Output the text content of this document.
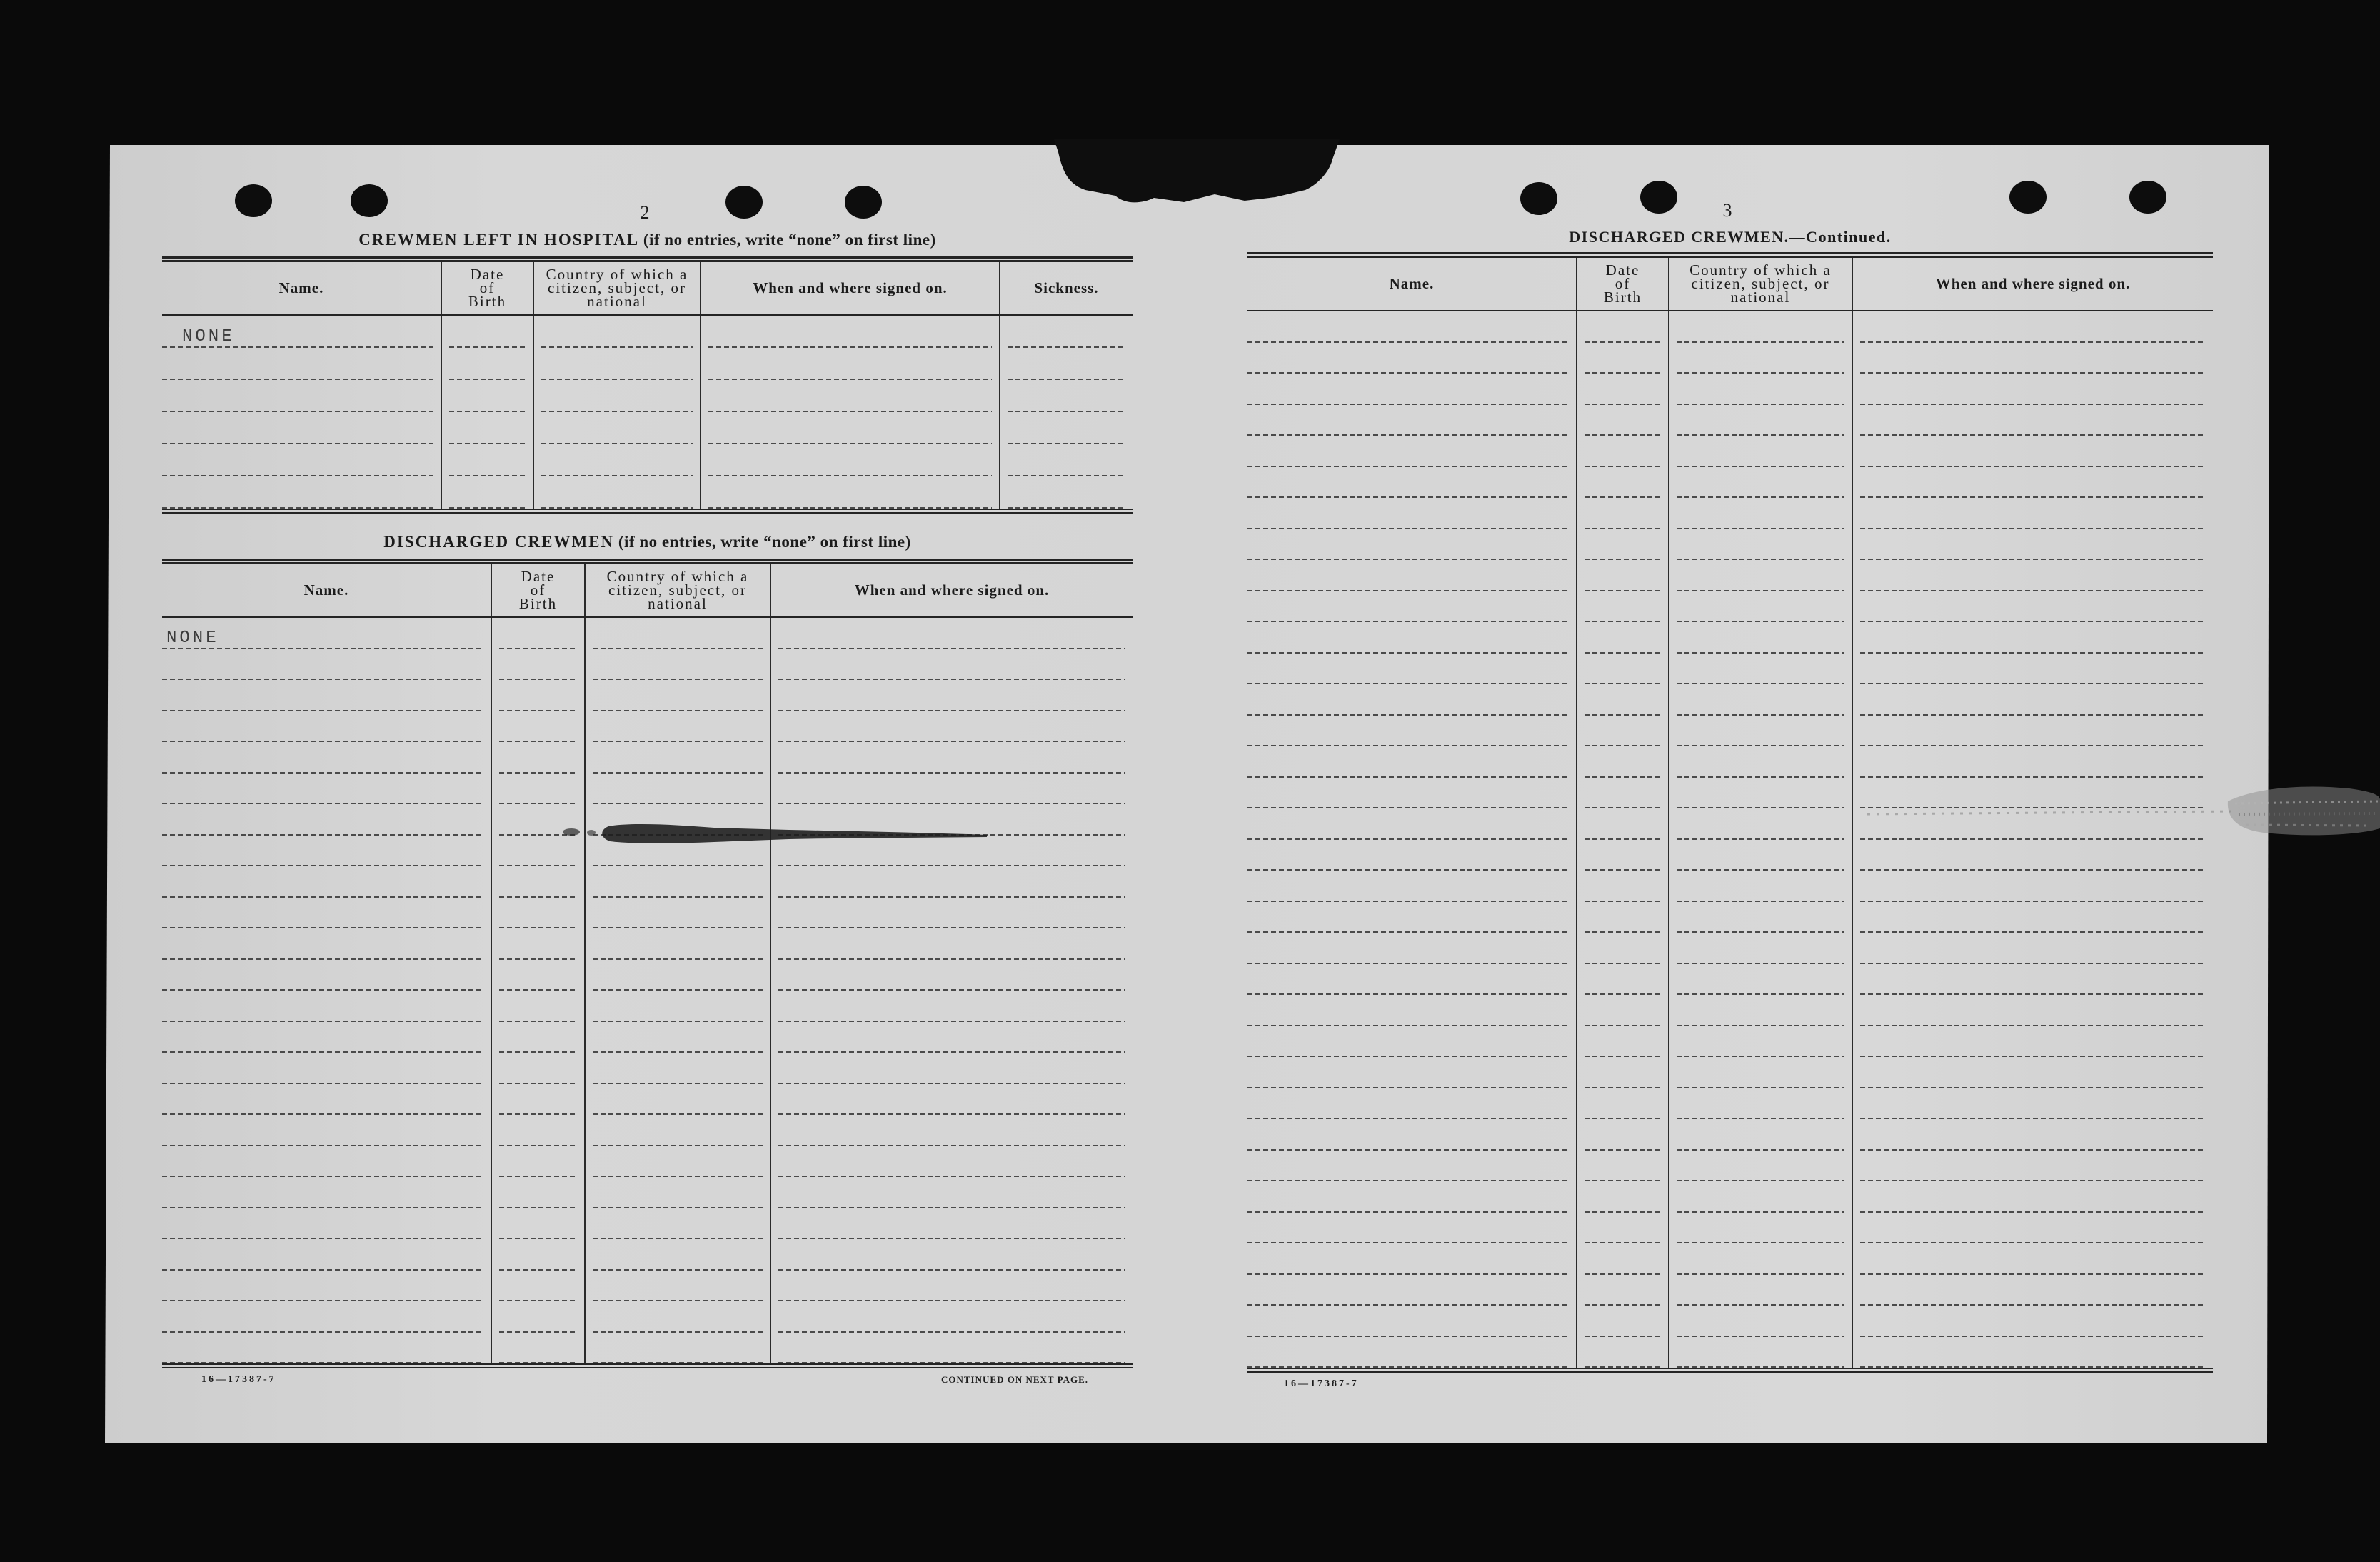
2
CREWMEN LEFT IN HOSPITAL (if no entries, write “none” on first line)
Name.
Date
of
Birth
Country of which a
citizen, subject, or
national
When and where signed on.	Sickness.
NONE
DISCHARGED CREWMEN (if no entries, write “none” on first line)
Name.
Date
of
Birth
Country of which a
citizen, subject, or
national
When and where signed on.
NONE
16—17387-7	CONTINUED ON NEXT PAGE.
3
DISCHARGED CREWMEN.—Continued.
Name.
Date
of
Birth
Country of which a
citizen, subject, or
national
When and where signed on.
16—17387-7
